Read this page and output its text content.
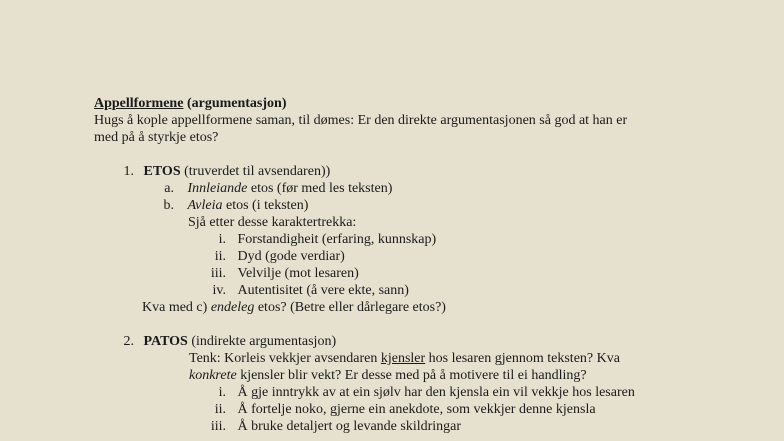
Appellformene (argumentasjon)
Hugs å kople appellformene saman, til dømes: Er den direkte argumentasjonen så god at han er
med på å styrkje etos?
1. ETOS (truverdet til avsendaren))
a. Innleiande etos (før med les teksten)
b. Avleia etos (i teksten)
Sjå etter desse karaktertrekka:
i. Forstandigheit (erfaring, kunnskap)
ii. Dyd (gode verdiar)
iii. Velvilje (mot lesaren)
iv. Autentisitet (å vere ekte, sann)
Kva med c) endeleg etos? (Betre eller dårlegare etos?)
2. PATOS (indirekte argumentasjon)
Tenk: Korleis vekkjer avsendaren kjensler hos lesaren gjennom teksten? Kva
konkrete kjensler blir vekt? Er desse med på å motivere til ei handling?
i. Å gje inntrykk av at ein sjølv har den kjensla ein vil vekkje hos lesaren
ii. Å fortelje noko, gjerne ein anekdote, som vekkjer denne kjensla
iii. Å bruke detaljert og levande skildringar
